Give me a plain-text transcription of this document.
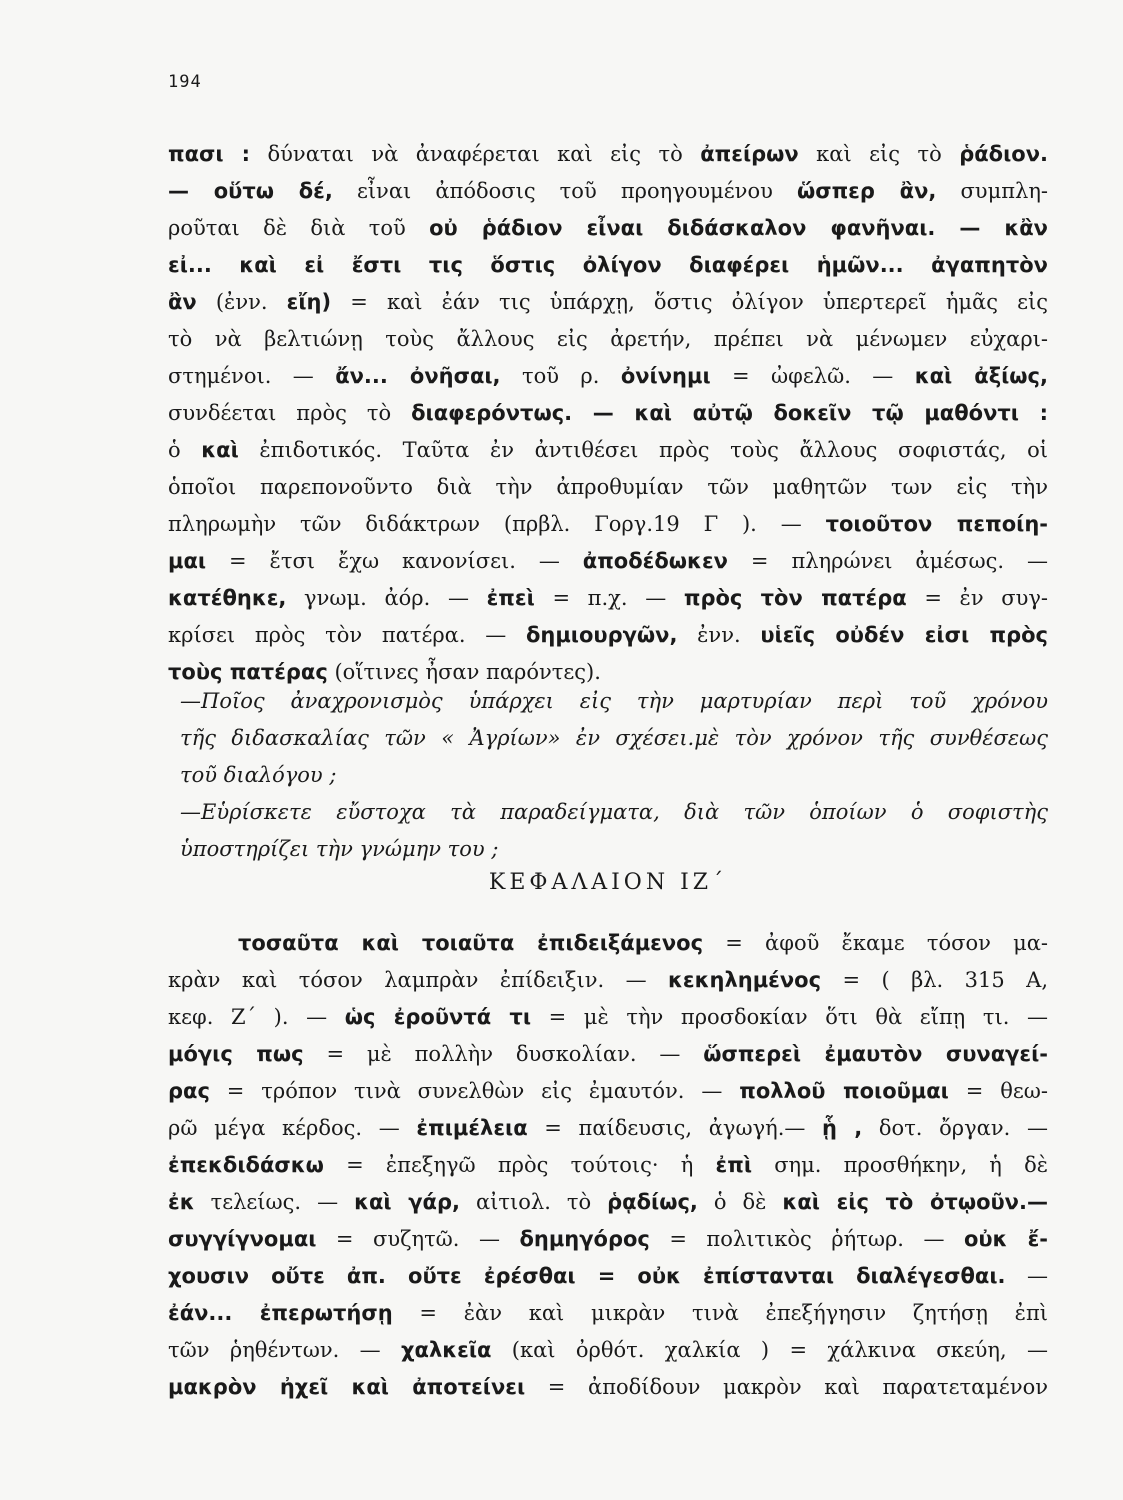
194
πασι : δύναται νὰ ἀναφέρεται καὶ εἰς τὸ ἀπείρων καὶ εἰς τὸ ῥάδιον.
— οὕτω δέ, εἶναι ἀπόδοσις τοῦ προηγουμένου ὥσπερ ἂν, συμπλη-
ροῦται δὲ διὰ τοῦ οὐ ῥάδιον εἶναι διδάσκαλον φανῆναι. — κἂν
εἰ... καὶ εἰ ἔστι τις ὅστις ὀλίγον διαφέρει ἡμῶν... ἀγαπητὸν
ἂν (ἐνν. εἴη) = καὶ ἐάν τις ὑπάρχῃ, ὅστις ὀλίγον ὑπερτερεῖ ἡμᾶς εἰς
τὸ νὰ βελτιώνῃ τοὺς ἄλλους εἰς ἀρετήν, πρέπει νὰ μένωμεν εὐχαρι-
στημένοι. — ἄν... ὀνῆσαι, τοῦ ρ. ὀνίνημι = ὠφελῶ. — καὶ ἀξίως,
συνδέεται πρὸς τὸ διαφερόντως. — καὶ αὐτῷ δοκεῖν τῷ μαθόντι :
ὁ καὶ ἐπιδοτικός. Ταῦτα ἐν ἀντιθέσει πρὸς τοὺς ἄλλους σοφιστάς, οἱ
ὁποῖοι παρεπονοῦντο διὰ τὴν ἀπροθυμίαν τῶν μαθητῶν των εἰς τὴν
πληρωμὴν τῶν διδάκτρων (πρβλ. Γοργ.19 Γ ). — τοιοῦτον πεποίη-
μαι = ἔτσι ἔχω κανονίσει. — ἀποδέδωκεν = πληρώνει ἀμέσως. —
κατέθηκε, γνωμ. ἀόρ. — ἐπεὶ = π.χ. — πρὸς τὸν πατέρα = ἐν συγ-
κρίσει πρὸς τὸν πατέρα. — δημιουργῶν, ἐνν. υἱεῖς οὐδέν εἰσι πρὸς
τοὺς πατέρας (οἵτινες ἦσαν παρόντες).
—Ποῖος ἀναχρονισμὸς ὑπάρχει εἰς τὴν μαρτυρίαν περὶ τοῦ χρόνου
τῆς διδασκαλίας τῶν « Ἀγρίων» ἐν σχέσει.μὲ τὸν χρόνον τῆς συνθέσεως
τοῦ διαλόγου ;
—Εὑρίσκετε εὔστοχα τὰ παραδείγματα, διὰ τῶν ὁποίων ὁ σοφιστὴς
ὑποστηρίζει τὴν γνώμην του ;
ΚΕΦΑΛΑΙΟΝ ΙΖ΄
τοσαῦτα καὶ τοιαῦτα ἐπιδειξάμενος = ἀφοῦ ἔκαμε τόσον μα-
κρὰν καὶ τόσον λαμπρὰν ἐπίδειξιν. — κεκηλημένος = ( βλ. 315 Α,
κεφ. Ζ΄ ). — ὡς ἐροῦντά τι = μὲ τὴν προσδοκίαν ὅτι θὰ εἴπῃ τι. —
μόγις πως = μὲ πολλὴν δυσκολίαν. — ὥσπερεὶ ἐμαυτὸν συναγεί-
ρας = τρόπον τινὰ συνελθὼν εἰς ἐμαυτόν. — πολλοῦ ποιοῦμαι = θεω-
ρῶ μέγα κέρδος. — ἐπιμέλεια = παίδευσις, ἀγωγή.— ᾗ , δοτ. ὄργαν. —
ἐπεκδιδάσκω = ἐπεξηγῶ πρὸς τούτοις· ἡ ἐπὶ σημ. προσθήκην, ἡ δὲ
ἐκ τελείως. — καὶ γάρ, αἰτιολ. τὸ ῥᾳδίως, ὁ δὲ καὶ εἰς τὸ ὀτῳοῦν.—
συγγίγνομαι = συζητῶ. — δημηγόρος = πολιτικὸς ῥήτωρ. — οὐκ ἔ-
χουσιν οὔτε ἀπ. οὔτε ἐρέσθαι = οὐκ ἐπίστανται διαλέγεσθαι. —
ἐάν... ἐπερωτήσῃ = ἐὰν καὶ μικρὰν τινὰ ἐπεξήγησιν ζητήσῃ ἐπὶ
τῶν ῥηθέντων. — χαλκεῖα (καὶ ὀρθότ. χαλκία ) = χάλκινα σκεύη, —
μακρὸν ἠχεῖ καὶ ἀποτείνει = ἀποδίδουν μακρὸν καὶ παρατεταμένον
